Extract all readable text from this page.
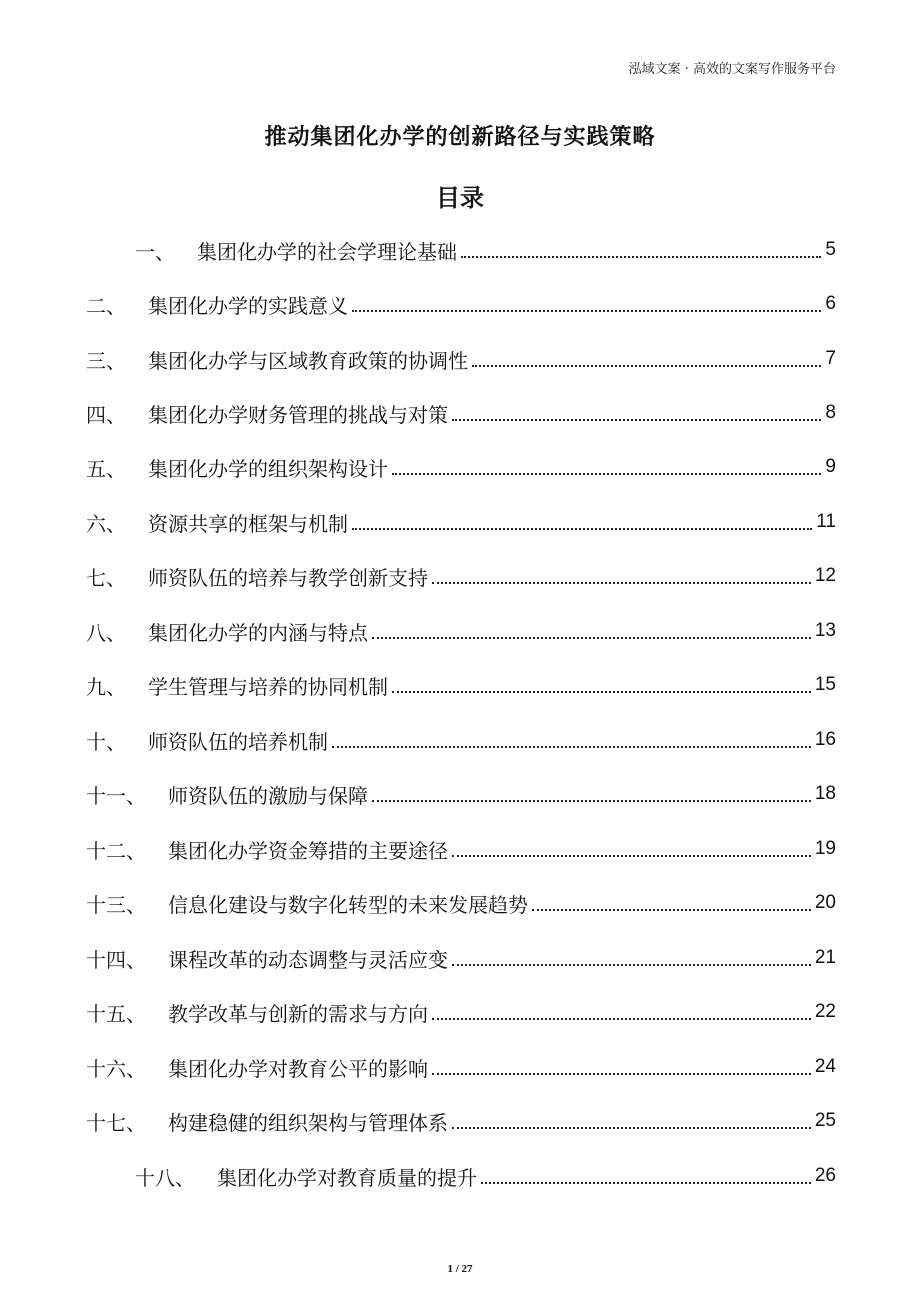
泓域文案 · 高效的文案写作服务平台
推动集团化办学的创新路径与实践策略
目录
一、 集团化办学的社会学理论基础	5
二、 集团化办学的实践意义	6
三、 集团化办学与区域教育政策的协调性	7
四、 集团化办学财务管理的挑战与对策	8
五、 集团化办学的组织架构设计	9
六、 资源共享的框架与机制	11
七、 师资队伍的培养与教学创新支持	12
八、 集团化办学的内涵与特点	13
九、 学生管理与培养的协同机制	15
十、 师资队伍的培养机制	16
十一、 师资队伍的激励与保障	18
十二、 集团化办学资金筹措的主要途径	19
十三、 信息化建设与数字化转型的未来发展趋势	20
十四、 课程改革的动态调整与灵活应变	21
十五、 教学改革与创新的需求与方向	22
十六、 集团化办学对教育公平的影响	24
十七、 构建稳健的组织架构与管理体系	25
十八、 集团化办学对教育质量的提升	26
1 / 27
